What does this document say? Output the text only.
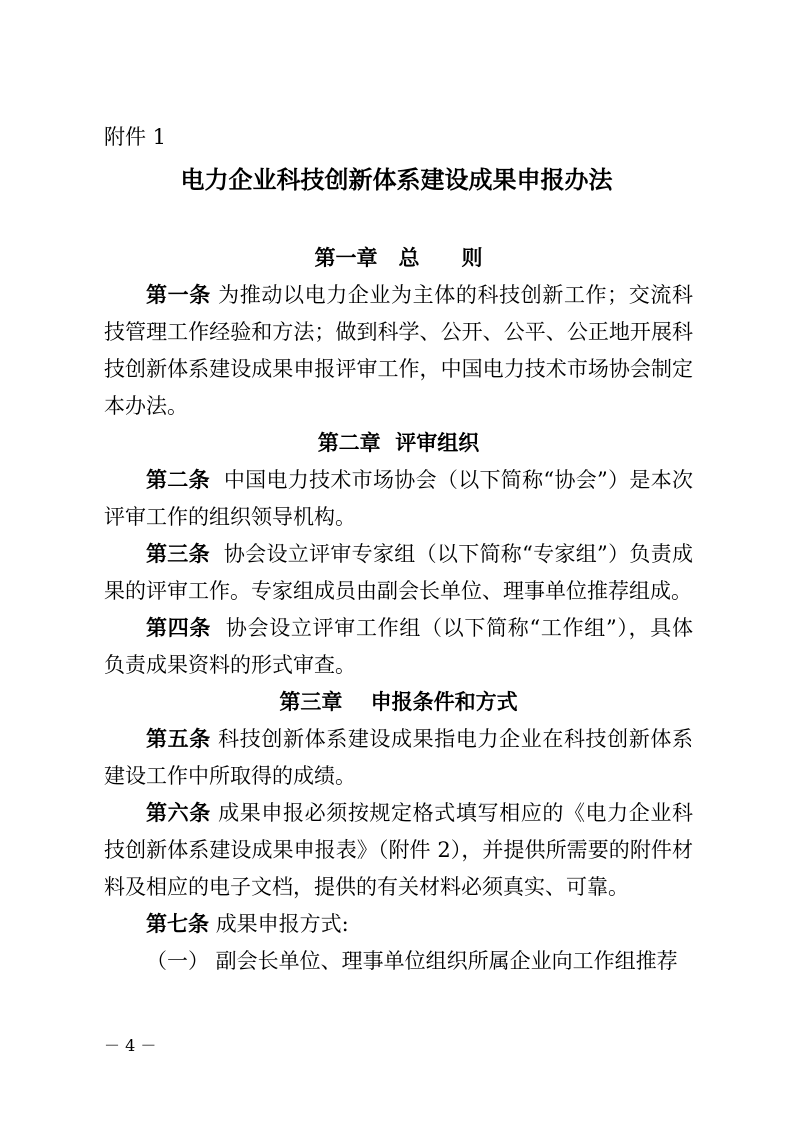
附件 1
电力企业科技创新体系建设成果申报办法
第一章　总　　则

第一条 为推动以电力企业为主体的科技创新工作；交流科技管理工作经验和方法；做到科学、公开、公平、公正地开展科技创新体系建设成果申报评审工作，中国电力技术市场协会制定本办法。

第二章  评审组织

第二条 中国电力技术市场协会（以下简称“协会”）是本次评审工作的组织领导机构。

第三条 协会设立评审专家组（以下简称“专家组”）负责成果的评审工作。专家组成员由副会长单位、理事单位推荐组成。

第四条 协会设立评审工作组（以下简称“工作组”），具体负责成果资料的形式审查。

第三章　 申报条件和方式

第五条 科技创新体系建设成果指电力企业在科技创新体系建设工作中所取得的成绩。

第六条 成果申报必须按规定格式填写相应的《电力企业科技创新体系建设成果申报表》（附件 2），并提供所需要的附件材料及相应的电子文档，提供的有关材料必须真实、可靠。

第七条 成果申报方式:

（一） 副会长单位、理事单位组织所属企业向工作组推荐

－ 4 －
